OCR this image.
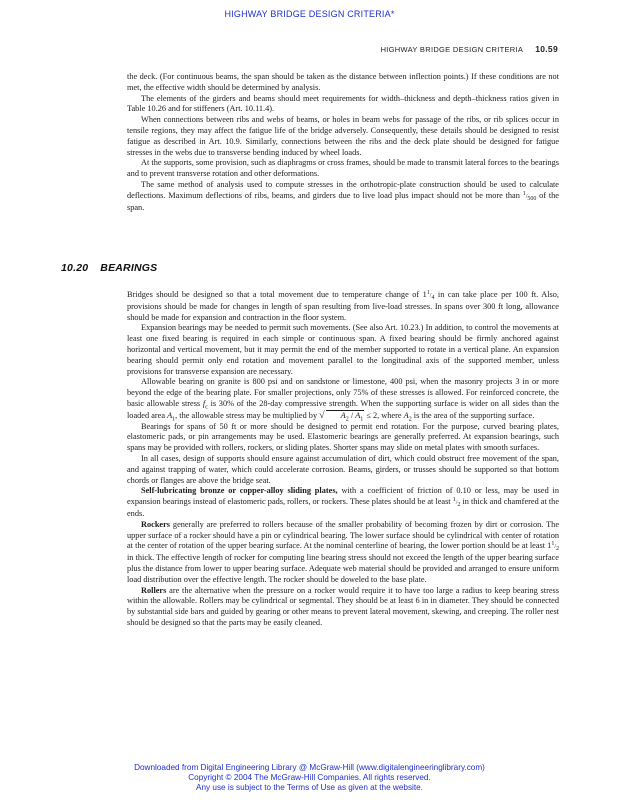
HIGHWAY BRIDGE DESIGN CRITERIA*
HIGHWAY BRIDGE DESIGN CRITERIA 10.59

the deck. (For continuous beams, the span should be taken as the distance between inflection points.) If these conditions are not met, the effective width should be determined by analysis.

The elements of the girders and beams should meet requirements for width–thickness and depth–thickness ratios given in Table 10.26 and for stiffeners (Art. 10.11.4).

When connections between ribs and webs of beams, or holes in beam webs for passage of the ribs, or rib splices occur in tensile regions, they may affect the fatigue life of the bridge adversely. Consequently, these details should be designed to resist fatigue as described in Art. 10.9. Similarly, connections between the ribs and the deck plate should be designed for fatigue stresses in the webs due to transverse bending induced by wheel loads.

At the supports, some provision, such as diaphragms or cross frames, should be made to transmit lateral forces to the bearings and to prevent transverse rotation and other deformations.

The same method of analysis used to compute stresses in the orthotropic-plate construction should be used to calculate deflections. Maximum deflections of ribs, beams, and girders due to live load plus impact should not be more than $^1/_{500}$ of the span.

10.20 BEARINGS

Bridges should be designed so that a total movement due to temperature change of $1^1/_4$ in can take place per 100 ft. Also, provisions should be made for changes in length of span resulting from live-load stresses. In spans over 300 ft long, allowance should be made for expansion and contraction in the floor system.

Expansion bearings may be needed to permit such movements. (See also Art. 10.23.) In addition, to control the movements at least one fixed bearing is required in each simple or continuous span. A fixed bearing should be firmly anchored against horizontal and vertical movement, but it may permit the end of the member supported to rotate in a vertical plane. An expansion bearing should permit only end rotation and movement parallel to the longitudinal axis of the supported member, unless provisions for transverse expansion are necessary.

Allowable bearing on granite is 800 psi and on sandstone or limestone, 400 psi, when the masonry projects 3 in or more beyond the edge of the bearing plate. For smaller projections, only 75% of these stresses is allowed. For reinforced concrete, the basic allowable stress $f_c$ is 30% of the 28-day compressive strength. When the supporting surface is wider on all sides than the loaded area $A_1$, the allowable stress may be multiplied by √ $A_2 / A_1 \le 2$, where $A_2$ is the area of the supporting surface.

Bearings for spans of 50 ft or more should be designed to permit end rotation. For the purpose, curved bearing plates, elastomeric pads, or pin arrangements may be used. Elastomeric bearings are generally preferred. At expansion bearings, such spans may be provided with rollers, rockers, or sliding plates. Shorter spans may slide on metal plates with smooth surfaces.

In all cases, design of supports should ensure against accumulation of dirt, which could obstruct free movement of the span, and against trapping of water, which could accelerate corrosion. Beams, girders, or trusses should be supported so that bottom chords or flanges are above the bridge seat.

Self-lubricating bronze or copper-alloy sliding plates, with a coefficient of friction of 0.10 or less, may be used in expansion bearings instead of elastomeric pads, rollers, or rockers. These plates should be at least $^1/_2$ in thick and chamfered at the ends.

Rockers generally are preferred to rollers because of the smaller probability of becoming frozen by dirt or corrosion. The upper surface of a rocker should have a pin or cylindrical bearing. The lower surface should be cylindrical with center of rotation at the center of rotation of the upper bearing surface. At the nominal centerline of bearing, the lower portion should be at least $1^1/_2$ in thick. The effective length of rocker for computing line bearing stress should not exceed the length of the upper bearing surface plus the distance from lower to upper bearing surface. Adequate web material should be provided and arranged to ensure uniform load distribution over the effective length. The rocker should be doweled to the base plate.

Rollers are the alternative when the pressure on a rocker would require it to have too large a radius to keep bearing stress within the allowable. Rollers may be cylindrical or segmental. They should be at least 6 in in diameter. They should be connected by substantial side bars and guided by gearing or other means to prevent lateral movement, skewing, and creeping. The roller nest should be designed so that the parts may be easily cleaned.

Downloaded from Digital Engineering Library @ McGraw-Hill (www.digitalengineeringlibrary.com)
Copyright © 2004 The McGraw-Hill Companies. All rights reserved.
Any use is subject to the Terms of Use as given at the website.
